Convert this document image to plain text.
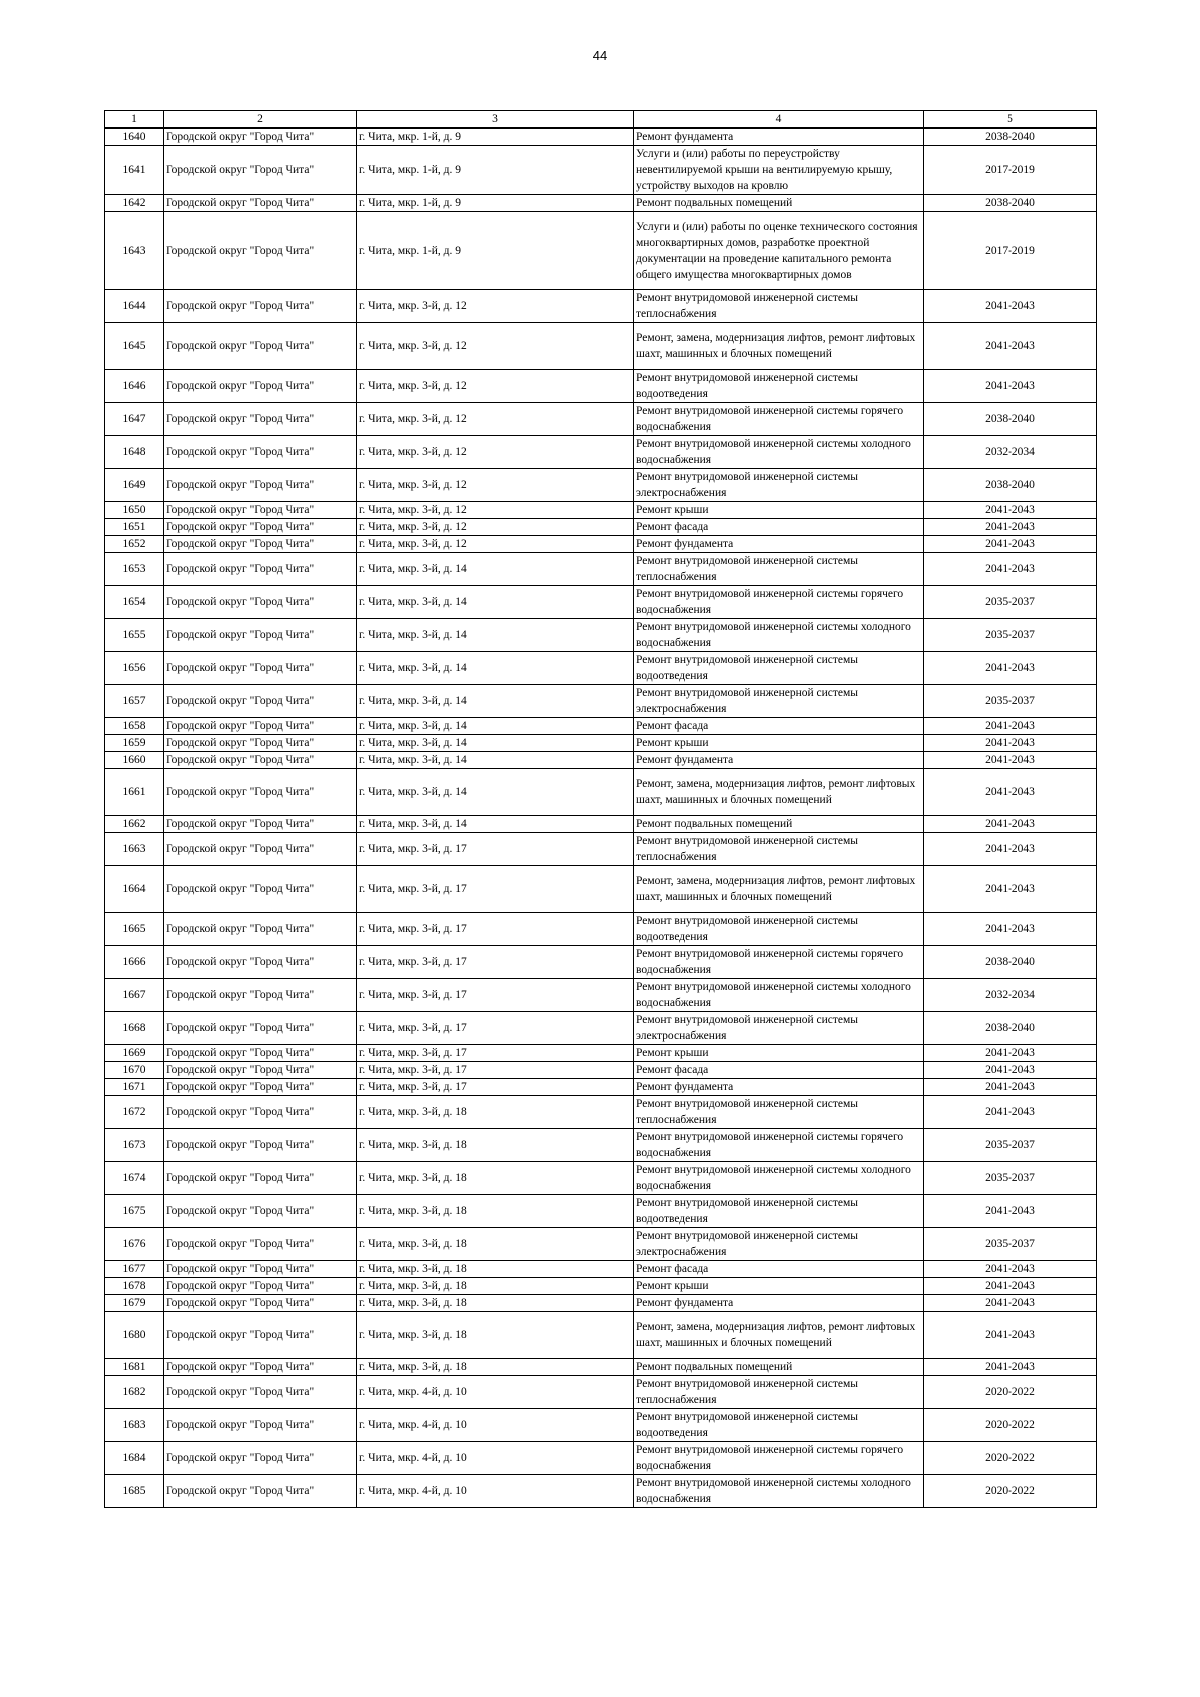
44
1	2	3	4	5
1640	Городской округ "Город Чита"	г. Чита, мкр. 1-й, д. 9	Ремонт фундамента	2038-2040
1641	Городской округ "Город Чита"	г. Чита, мкр. 1-й, д. 9	Услуги и (или) работы по переустройству невентилируемой крыши на вентилируемую крышу, устройству выходов на кровлю	2017-2019
1642	Городской округ "Город Чита"	г. Чита, мкр. 1-й, д. 9	Ремонт подвальных помещений	2038-2040
1643	Городской округ "Город Чита"	г. Чита, мкр. 1-й, д. 9	Услуги и (или) работы по оценке технического состояния многоквартирных домов, разработке проектной документации на проведение капитального ремонта общего имущества многоквартирных домов	2017-2019
1644	Городской округ "Город Чита"	г. Чита, мкр. 3-й, д. 12	Ремонт внутридомовой инженерной системы теплоснабжения	2041-2043
1645	Городской округ "Город Чита"	г. Чита, мкр. 3-й, д. 12	Ремонт, замена, модернизация лифтов, ремонт лифтовых шахт, машинных и блочных помещений	2041-2043
1646	Городской округ "Город Чита"	г. Чита, мкр. 3-й, д. 12	Ремонт внутридомовой инженерной системы водоотведения	2041-2043
1647	Городской округ "Город Чита"	г. Чита, мкр. 3-й, д. 12	Ремонт внутридомовой инженерной системы горячего водоснабжения	2038-2040
1648	Городской округ "Город Чита"	г. Чита, мкр. 3-й, д. 12	Ремонт внутридомовой инженерной системы холодного водоснабжения	2032-2034
1649	Городской округ "Город Чита"	г. Чита, мкр. 3-й, д. 12	Ремонт внутридомовой инженерной системы электроснабжения	2038-2040
1650	Городской округ "Город Чита"	г. Чита, мкр. 3-й, д. 12	Ремонт крыши	2041-2043
1651	Городской округ "Город Чита"	г. Чита, мкр. 3-й, д. 12	Ремонт фасада	2041-2043
1652	Городской округ "Город Чита"	г. Чита, мкр. 3-й, д. 12	Ремонт фундамента	2041-2043
1653	Городской округ "Город Чита"	г. Чита, мкр. 3-й, д. 14	Ремонт внутридомовой инженерной системы теплоснабжения	2041-2043
1654	Городской округ "Город Чита"	г. Чита, мкр. 3-й, д. 14	Ремонт внутридомовой инженерной системы горячего водоснабжения	2035-2037
1655	Городской округ "Город Чита"	г. Чита, мкр. 3-й, д. 14	Ремонт внутридомовой инженерной системы холодного водоснабжения	2035-2037
1656	Городской округ "Город Чита"	г. Чита, мкр. 3-й, д. 14	Ремонт внутридомовой инженерной системы водоотведения	2041-2043
1657	Городской округ "Город Чита"	г. Чита, мкр. 3-й, д. 14	Ремонт внутридомовой инженерной системы электроснабжения	2035-2037
1658	Городской округ "Город Чита"	г. Чита, мкр. 3-й, д. 14	Ремонт фасада	2041-2043
1659	Городской округ "Город Чита"	г. Чита, мкр. 3-й, д. 14	Ремонт крыши	2041-2043
1660	Городской округ "Город Чита"	г. Чита, мкр. 3-й, д. 14	Ремонт фундамента	2041-2043
1661	Городской округ "Город Чита"	г. Чита, мкр. 3-й, д. 14	Ремонт, замена, модернизация лифтов, ремонт лифтовых шахт, машинных и блочных помещений	2041-2043
1662	Городской округ "Город Чита"	г. Чита, мкр. 3-й, д. 14	Ремонт подвальных помещений	2041-2043
1663	Городской округ "Город Чита"	г. Чита, мкр. 3-й, д. 17	Ремонт внутридомовой инженерной системы теплоснабжения	2041-2043
1664	Городской округ "Город Чита"	г. Чита, мкр. 3-й, д. 17	Ремонт, замена, модернизация лифтов, ремонт лифтовых шахт, машинных и блочных помещений	2041-2043
1665	Городской округ "Город Чита"	г. Чита, мкр. 3-й, д. 17	Ремонт внутридомовой инженерной системы водоотведения	2041-2043
1666	Городской округ "Город Чита"	г. Чита, мкр. 3-й, д. 17	Ремонт внутридомовой инженерной системы горячего водоснабжения	2038-2040
1667	Городской округ "Город Чита"	г. Чита, мкр. 3-й, д. 17	Ремонт внутридомовой инженерной системы холодного водоснабжения	2032-2034
1668	Городской округ "Город Чита"	г. Чита, мкр. 3-й, д. 17	Ремонт внутридомовой инженерной системы электроснабжения	2038-2040
1669	Городской округ "Город Чита"	г. Чита, мкр. 3-й, д. 17	Ремонт крыши	2041-2043
1670	Городской округ "Город Чита"	г. Чита, мкр. 3-й, д. 17	Ремонт фасада	2041-2043
1671	Городской округ "Город Чита"	г. Чита, мкр. 3-й, д. 17	Ремонт фундамента	2041-2043
1672	Городской округ "Город Чита"	г. Чита, мкр. 3-й, д. 18	Ремонт внутридомовой инженерной системы теплоснабжения	2041-2043
1673	Городской округ "Город Чита"	г. Чита, мкр. 3-й, д. 18	Ремонт внутридомовой инженерной системы горячего водоснабжения	2035-2037
1674	Городской округ "Город Чита"	г. Чита, мкр. 3-й, д. 18	Ремонт внутридомовой инженерной системы холодного водоснабжения	2035-2037
1675	Городской округ "Город Чита"	г. Чита, мкр. 3-й, д. 18	Ремонт внутридомовой инженерной системы водоотведения	2041-2043
1676	Городской округ "Город Чита"	г. Чита, мкр. 3-й, д. 18	Ремонт внутридомовой инженерной системы электроснабжения	2035-2037
1677	Городской округ "Город Чита"	г. Чита, мкр. 3-й, д. 18	Ремонт фасада	2041-2043
1678	Городской округ "Город Чита"	г. Чита, мкр. 3-й, д. 18	Ремонт крыши	2041-2043
1679	Городской округ "Город Чита"	г. Чита, мкр. 3-й, д. 18	Ремонт фундамента	2041-2043
1680	Городской округ "Город Чита"	г. Чита, мкр. 3-й, д. 18	Ремонт, замена, модернизация лифтов, ремонт лифтовых шахт, машинных и блочных помещений	2041-2043
1681	Городской округ "Город Чита"	г. Чита, мкр. 3-й, д. 18	Ремонт подвальных помещений	2041-2043
1682	Городской округ "Город Чита"	г. Чита, мкр. 4-й, д. 10	Ремонт внутридомовой инженерной системы теплоснабжения	2020-2022
1683	Городской округ "Город Чита"	г. Чита, мкр. 4-й, д. 10	Ремонт внутридомовой инженерной системы водоотведения	2020-2022
1684	Городской округ "Город Чита"	г. Чита, мкр. 4-й, д. 10	Ремонт внутридомовой инженерной системы горячего водоснабжения	2020-2022
1685	Городской округ "Город Чита"	г. Чита, мкр. 4-й, д. 10	Ремонт внутридомовой инженерной системы холодного водоснабжения	2020-2022
